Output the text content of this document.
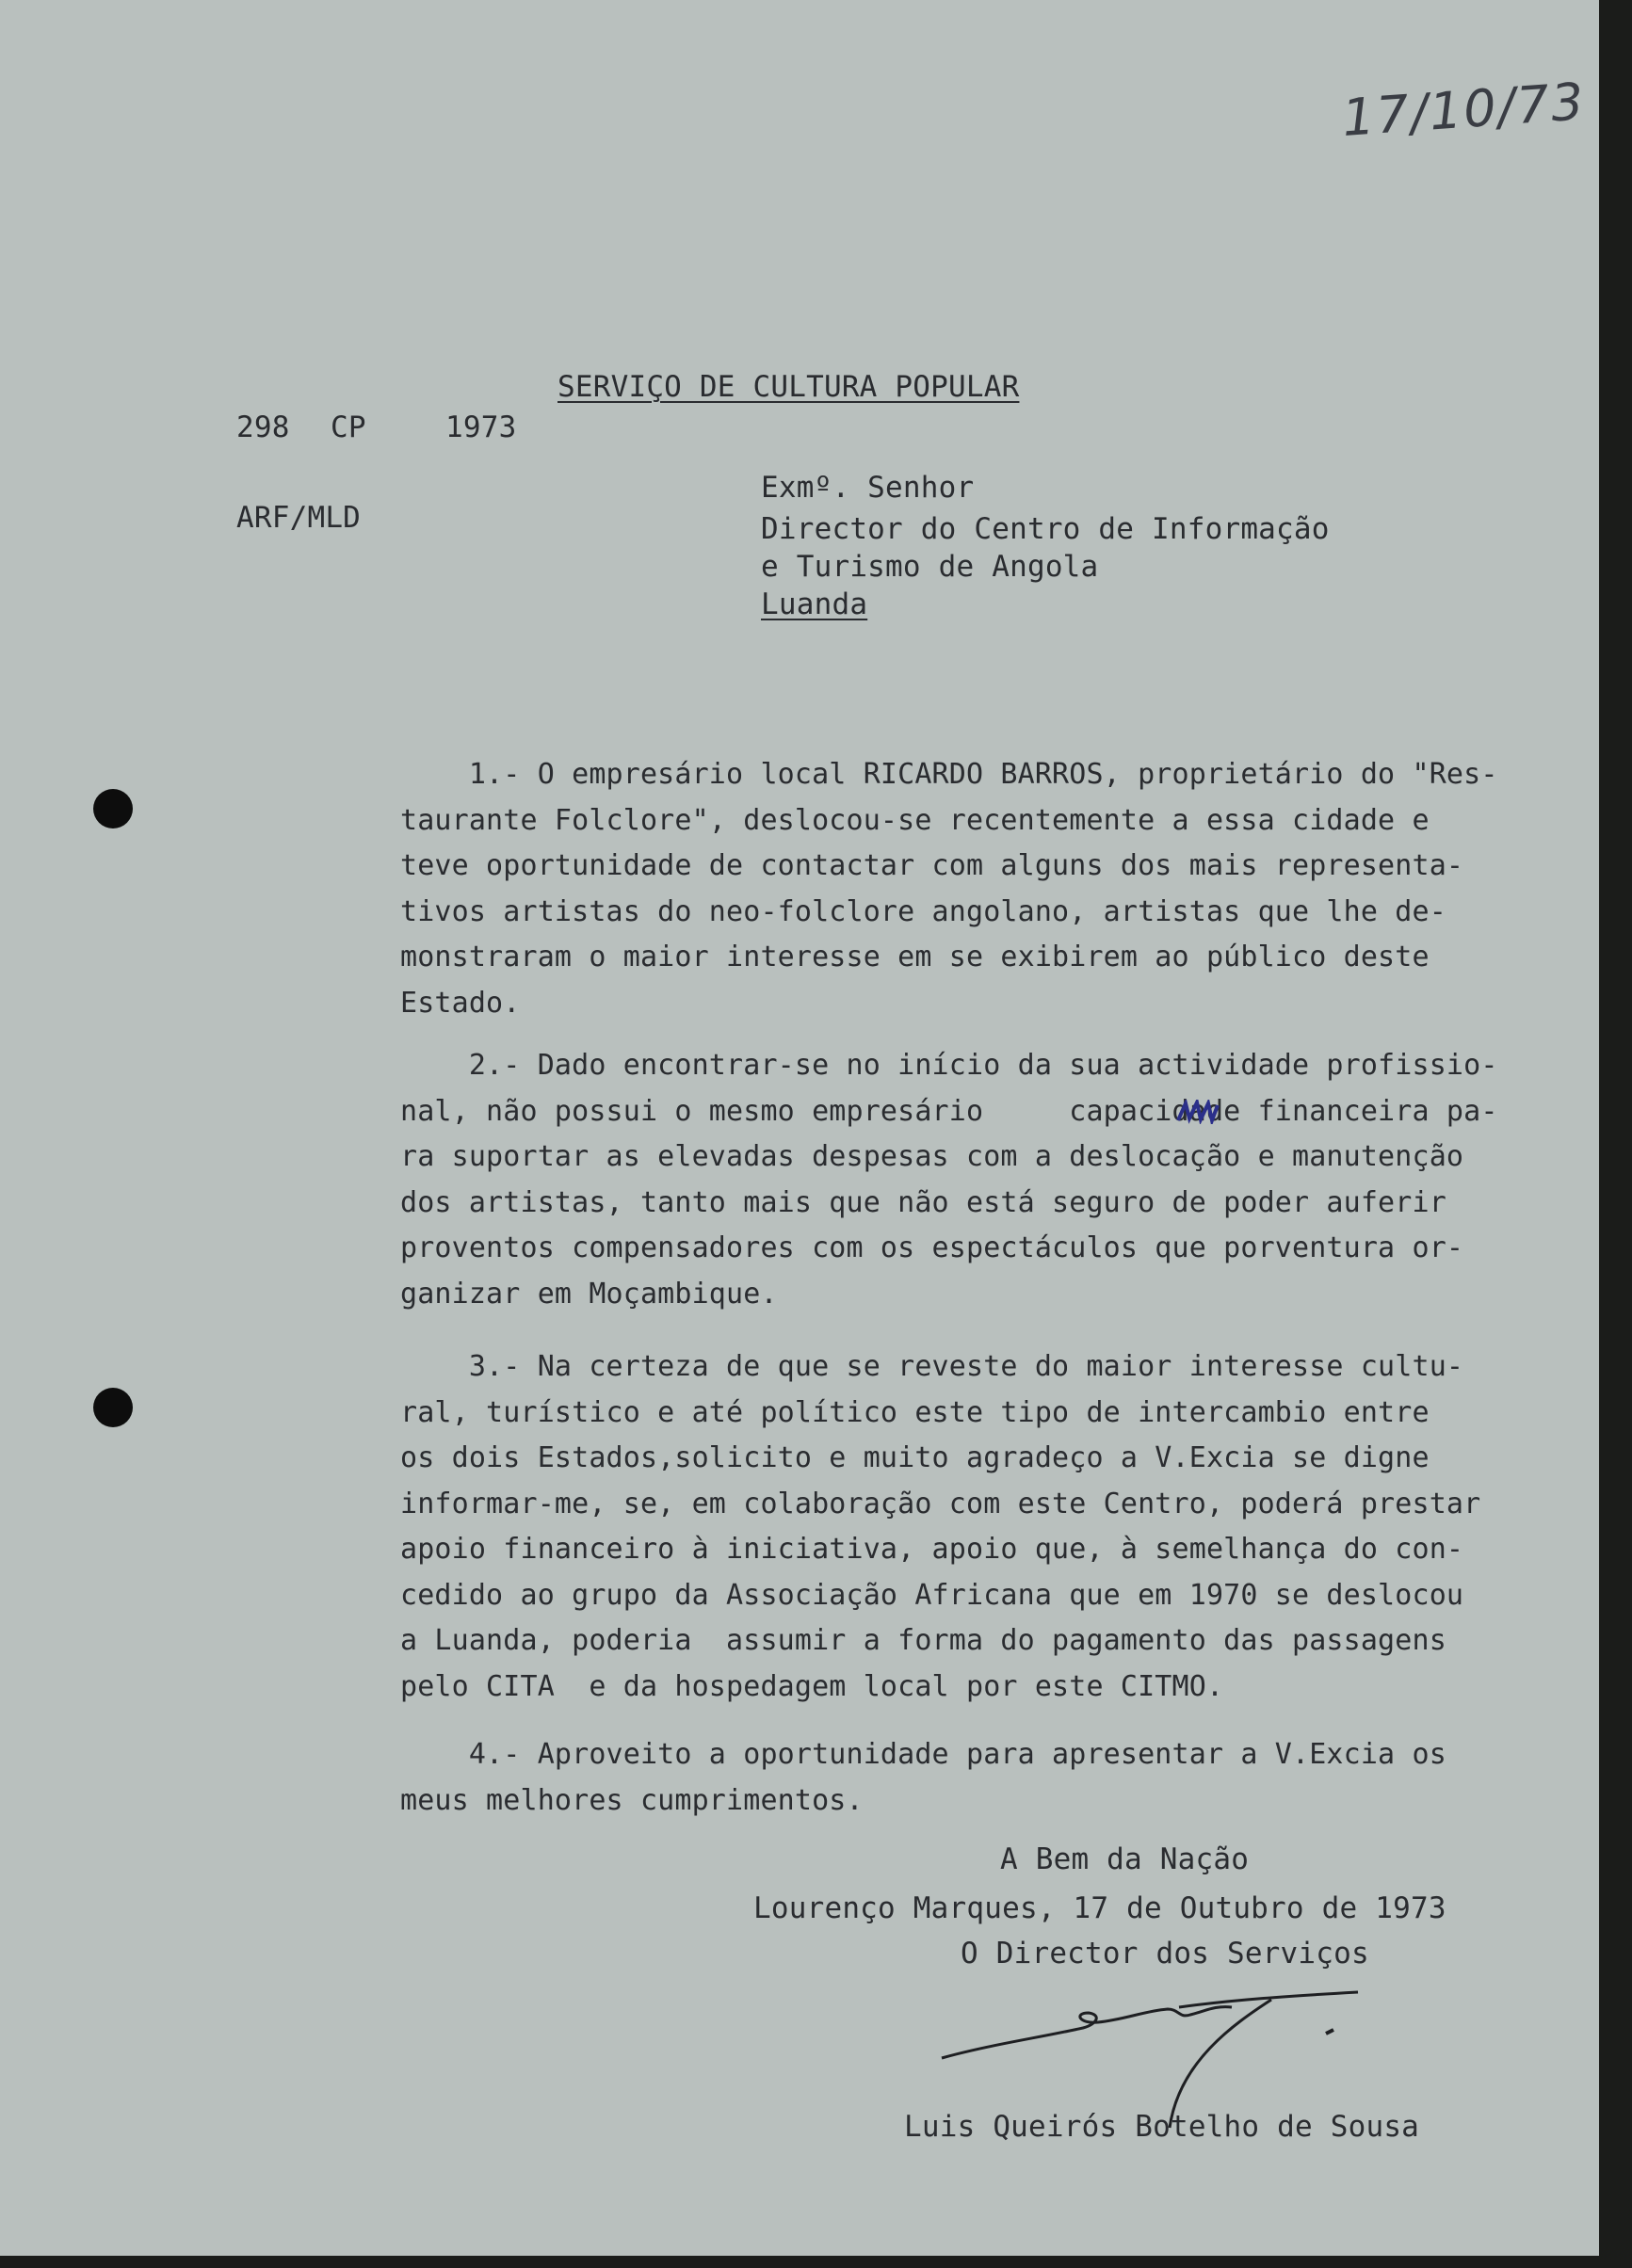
17/10/73
SERVIÇO DE CULTURA POPULAR
298 CP	1973
ARF/MLD
Exmº. Senhor
Director do Centro de Informação
e Turismo de Angola
Luanda
1.- O empresário local RICARDO BARROS, proprietário do "Res-
taurante Folclore", deslocou-se recentemente a essa cidade e
teve oportunidade de contactar com alguns dos mais representa-
tivos artistas do neo-folclore angolano, artistas que lhe de-
monstraram o maior interesse em se exibirem ao público deste
Estado.
2.- Dado encontrar-se no início da sua actividade profissio-
nal, não possui o mesmo empresário     capacidade financeira pa-
ra suportar as elevadas despesas com a deslocação e manutenção
dos artistas, tanto mais que não está seguro de poder auferir
proventos compensadores com os espectáculos que porventura or-
ganizar em Moçambique.
3.- Na certeza de que se reveste do maior interesse cultu-
ral, turístico e até político este tipo de intercambio entre
os dois Estados,solicito e muito agradeço a V.Excia se digne
informar-me, se, em colaboração com este Centro, poderá prestar
apoio financeiro à iniciativa, apoio que, à semelhança do con-
cedido ao grupo da Associação Africana que em 1970 se deslocou
a Luanda, poderia  assumir a forma do pagamento das passagens
pelo CITA  e da hospedagem local por este CITMO.
4.- Aproveito a oportunidade para apresentar a V.Excia os
meus melhores cumprimentos.
A Bem da Nação
Lourenço Marques, 17 de Outubro de 1973
O Director dos Serviços
Luis Queirós Botelho de Sousa
